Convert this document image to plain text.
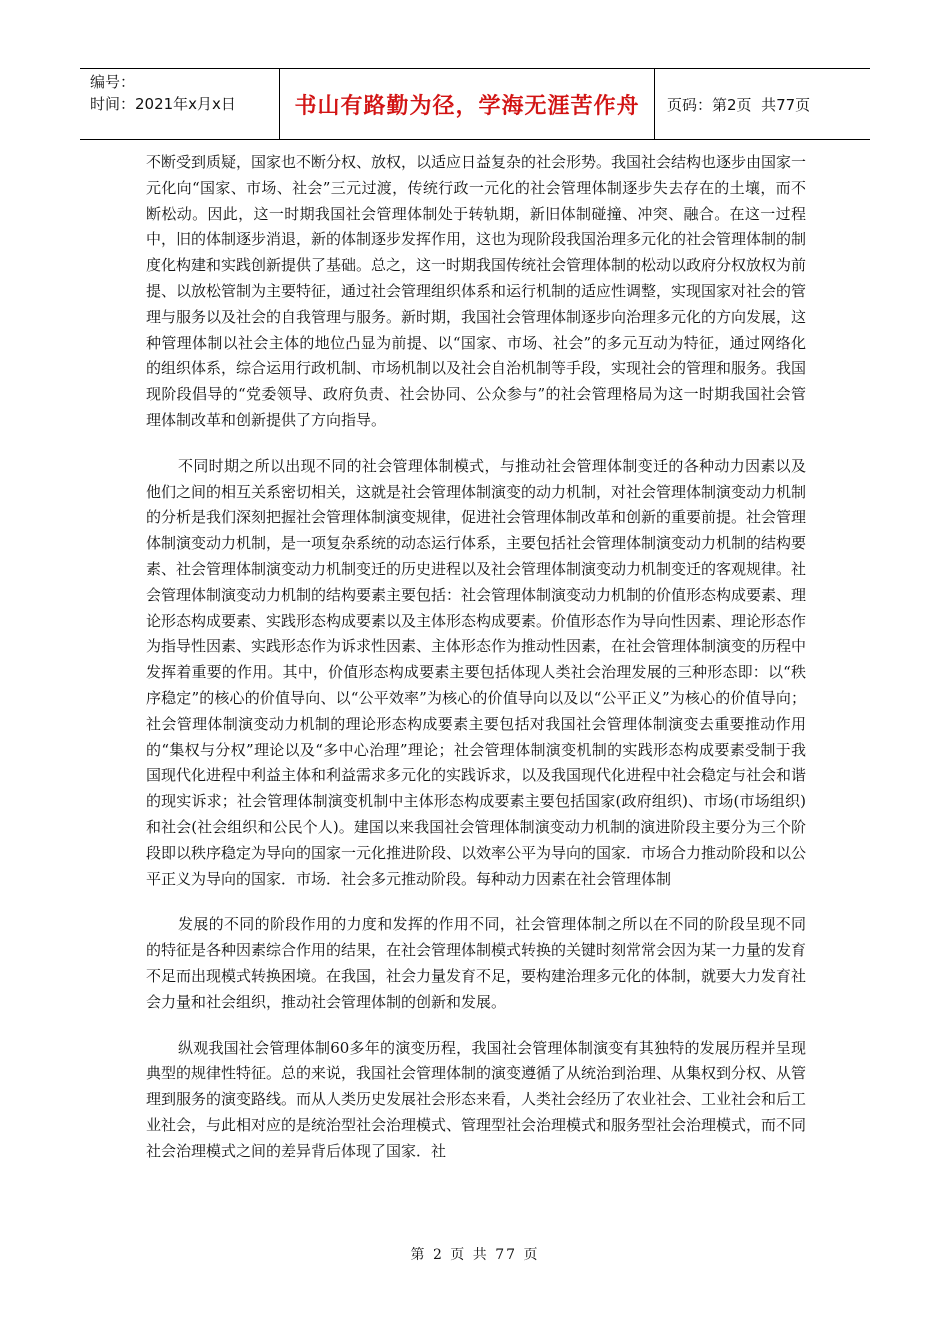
编号：
时间：2021年x月x日	书山有路勤为径，学海无涯苦作舟	页码：第2页  共77页

不断受到质疑，国家也不断分权、放权，以适应日益复杂的社会形势。我国社会结构也逐步由国家一元化向“国家、市场、社会”三元过渡，传统行政一元化的社会管理体制逐步失去存在的土壤，而不断松动。因此，这一时期我国社会管理体制处于转轨期，新旧体制碰撞、冲突、融合。在这一过程中，旧的体制逐步消退，新的体制逐步发挥作用，这也为现阶段我国治理多元化的社会管理体制的制度化构建和实践创新提供了基础。总之，这一时期我国传统社会管理体制的松动以政府分权放权为前提、以放松管制为主要特征，通过社会管理组织体系和运行机制的适应性调整，实现国家对社会的管理与服务以及社会的自我管理与服务。新时期，我国社会管理体制逐步向治理多元化的方向发展，这种管理体制以社会主体的地位凸显为前提、以“国家、市场、社会”的多元互动为特征，通过网络化的组织体系，综合运用行政机制、市场机制以及社会自治机制等手段，实现社会的管理和服务。我国现阶段倡导的“党委领导、政府负责、社会协同、公众参与”的社会管理格局为这一时期我国社会管理体制改革和创新提供了方向指导。

不同时期之所以出现不同的社会管理体制模式，与推动社会管理体制变迁的各种动力因素以及他们之间的相互关系密切相关，这就是社会管理体制演变的动力机制，对社会管理体制演变动力机制的分析是我们深刻把握社会管理体制演变规律，促进社会管理体制改革和创新的重要前提。社会管理体制演变动力机制，是一项复杂系统的动态运行体系，主要包括社会管理体制演变动力机制的结构要素、社会管理体制演变动力机制变迁的历史进程以及社会管理体制演变动力机制变迁的客观规律。社会管理体制演变动力机制的结构要素主要包括：社会管理体制演变动力机制的价值形态构成要素、理论形态构成要素、实践形态构成要素以及主体形态构成要素。价值形态作为导向性因素、理论形态作为指导性因素、实践形态作为诉求性因素、主体形态作为推动性因素，在社会管理体制演变的历程中发挥着重要的作用。其中，价值形态构成要素主要包括体现人类社会治理发展的三种形态即：以“秩序稳定”的核心的价值导向、以“公平效率”为核心的价值导向以及以“公平正义”为核心的价值导向；社会管理体制演变动力机制的理论形态构成要素主要包括对我国社会管理体制演变去重要推动作用的“集权与分权”理论以及“多中心治理”理论；社会管理体制演变机制的实践形态构成要素受制于我国现代化进程中利益主体和利益需求多元化的实践诉求，以及我国现代化进程中社会稳定与社会和谐的现实诉求；社会管理体制演变机制中主体形态构成要素主要包括国家(政府组织)、市场(市场组织)和社会(社会组织和公民个人)。建国以来我国社会管理体制演变动力机制的演进阶段主要分为三个阶段即以秩序稳定为导向的国家一元化推进阶段、以效率公平为导向的国家．市场合力推动阶段和以公平正义为导向的国家．市场．社会多元推动阶段。每种动力因素在社会管理体制

发展的不同的阶段作用的力度和发挥的作用不同，社会管理体制之所以在不同的阶段呈现不同的特征是各种因素综合作用的结果，在社会管理体制模式转换的关键时刻常常会因为某一力量的发育不足而出现模式转换困境。在我国，社会力量发育不足，要构建治理多元化的体制，就要大力发育社会力量和社会组织，推动社会管理体制的创新和发展。

纵观我国社会管理体制60多年的演变历程，我国社会管理体制演变有其独特的发展历程并呈现典型的规律性特征。总的来说，我国社会管理体制的演变遵循了从统治到治理、从集权到分权、从管理到服务的演变路线。而从人类历史发展社会形态来看，人类社会经历了农业社会、工业社会和后工业社会，与此相对应的是统治型社会治理模式、管理型社会治理模式和服务型社会治理模式，而不同社会治理模式之间的差异背后体现了国家．社

第 2 页 共 77 页
